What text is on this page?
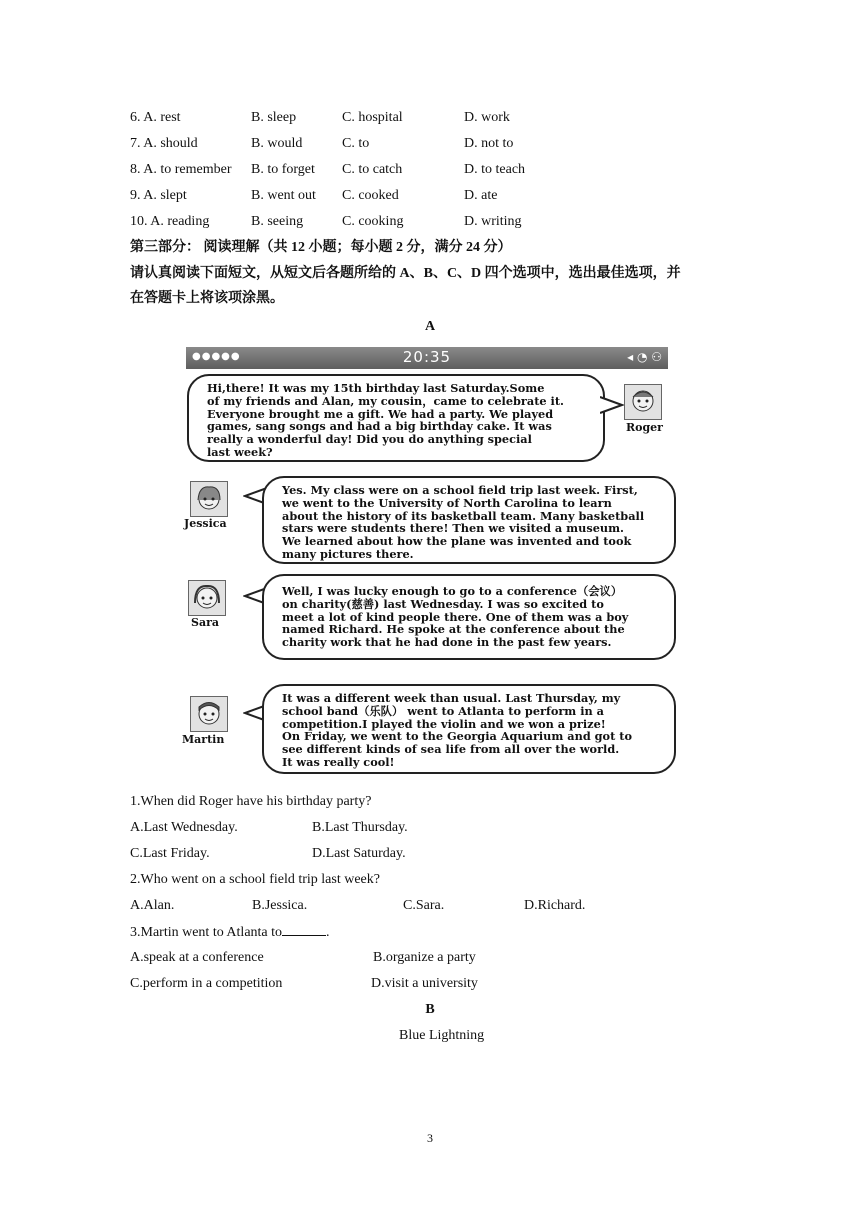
6. A. rest	B. sleep	C. hospital	D. work
7. A. should	B. would	C. to	D. not to
8. A. to remember B. to forget C. to catch	D. to teach
9. A. slept	B. went out C. cooked	D. ate
10. A. reading	B. seeing	C. cooking	D. writing
第三部分： 阅读理解（共 12 小题；每小题 2 分，满分 24 分）
请认真阅读下面短文，从短文后各题所给的 A、B、C、D 四个选项中，选出最佳选项，并
在答题卡上将该项涂黑。
A
●●●●●	20:35	◂ ◔ ⚇

Hi,there! It was my 15th birthday last Saturday.Some

of my friends and Alan, my cousin，came to celebrate it.

Everyone brought me a gift. We had a party. We played

games, sang songs and had a big birthday cake. It was

really a wonderful day! Did you do anything special

last week?

Roger
Jessica

Yes. My class were on a school field trip last week. First,

we went to the University of North Carolina to learn

about the history of its basketball team. Many basketball

stars were students there! Then we visited a museum.

We learned about how the plane was invented and took

many pictures there.

Sara

Well, I was lucky enough to go to a conference（会议）

on charity(慈善) last Wednesday. I was so excited to

meet a lot of kind people there. One of them was a boy

named Richard. He spoke at the conference about the

charity work that he had done in the past few years.

Martin

It was a different week than usual. Last Thursday, my

school band（乐队） went to Atlanta to perform in a

competition.I played the violin and we won a prize!

On Friday, we went to the Georgia Aquarium and got to

see different kinds of sea life from all over the world.

It was really cool!

1.When did Roger have his birthday party?
A.Last Wednesday.	B.Last Thursday.
C.Last Friday.	D.Last Saturday.
2.Who went on a school field trip last week?
A.Alan.	B.Jessica.	C.Sara.	D.Richard.
3.Martin went to Atlanta to	.
A.speak at a conference	B.organize a party
C.perform in a competition	D.visit a university
B
Blue Lightning
3
